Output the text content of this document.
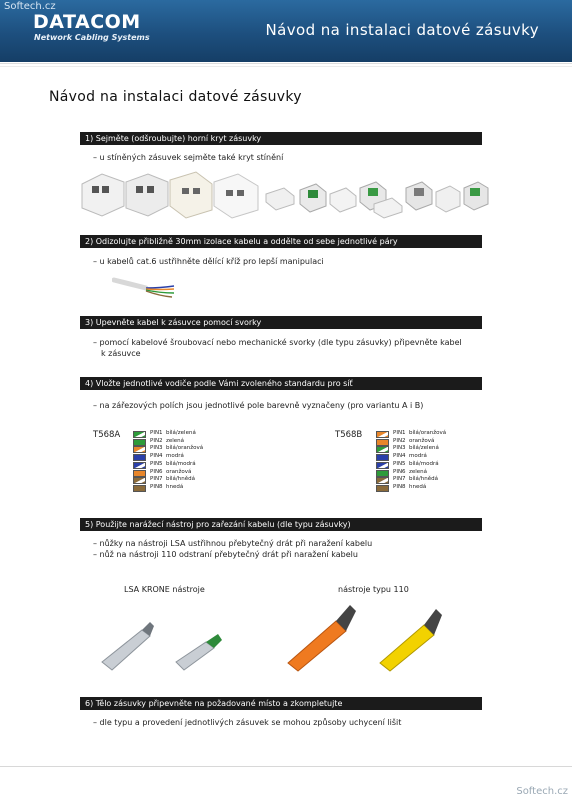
Softech.cz
DATACOM
Network Cabling Systems	Návod na instalaci datové zásuvky
Návod na instalaci datové zásuvky
1) Sejměte (odšroubujte) horní kryt zásuvky
– u stíněných zásuvek sejměte také kryt stínění
2) Odizolujte přibližně 30mm izolace kabelu a oddělte od sebe jednotlivé páry
– u kabelů cat.6 ustřihněte dělící kříž pro lepší manipulaci
3) Upevněte kabel k zásuvce pomocí svorky
– pomocí kabelové šroubovací nebo mechanické svorky (dle typu zásuvky) připevněte kabel
k zásuvce
4) Vložte jednotlivé vodiče podle Vámi zvoleného standardu pro síť
– na zářezových polích jsou jednotlivé pole barevně vyznačeny (pro variantu A i B)
T568A	T568B
PIN1 bílá/zelená
PIN2 zelená
PIN3 bílá/oranžová
PIN4 modrá
PIN5 bílá/modrá
PIN6 oranžová
PIN7 bílá/hnědá
PIN8 hnedá
PIN1 bílá/oranžová
PIN2 oranžová
PIN3 bílá/zelená
PIN4 modrá
PIN5 bílá/modrá
PIN6 zelená
PIN7 bílá/hnědá
PIN8 hnedá
5) Použijte narážecí nástroj pro zařezání kabelu (dle typu zásuvky)
– nůžky na nástroji LSA ustřihnou přebytečný drát při naražení kabelu
– nůž na nástroji 110 odstraní přebytečný drát při naražení kabelu
LSA KRONE nástroje	nástroje typu 110
6) Tělo zásuvky připevněte na požadované místo a zkompletujte
– dle typu a provedení jednotlivých zásuvek se mohou způsoby uchycení lišit
Softech.cz
